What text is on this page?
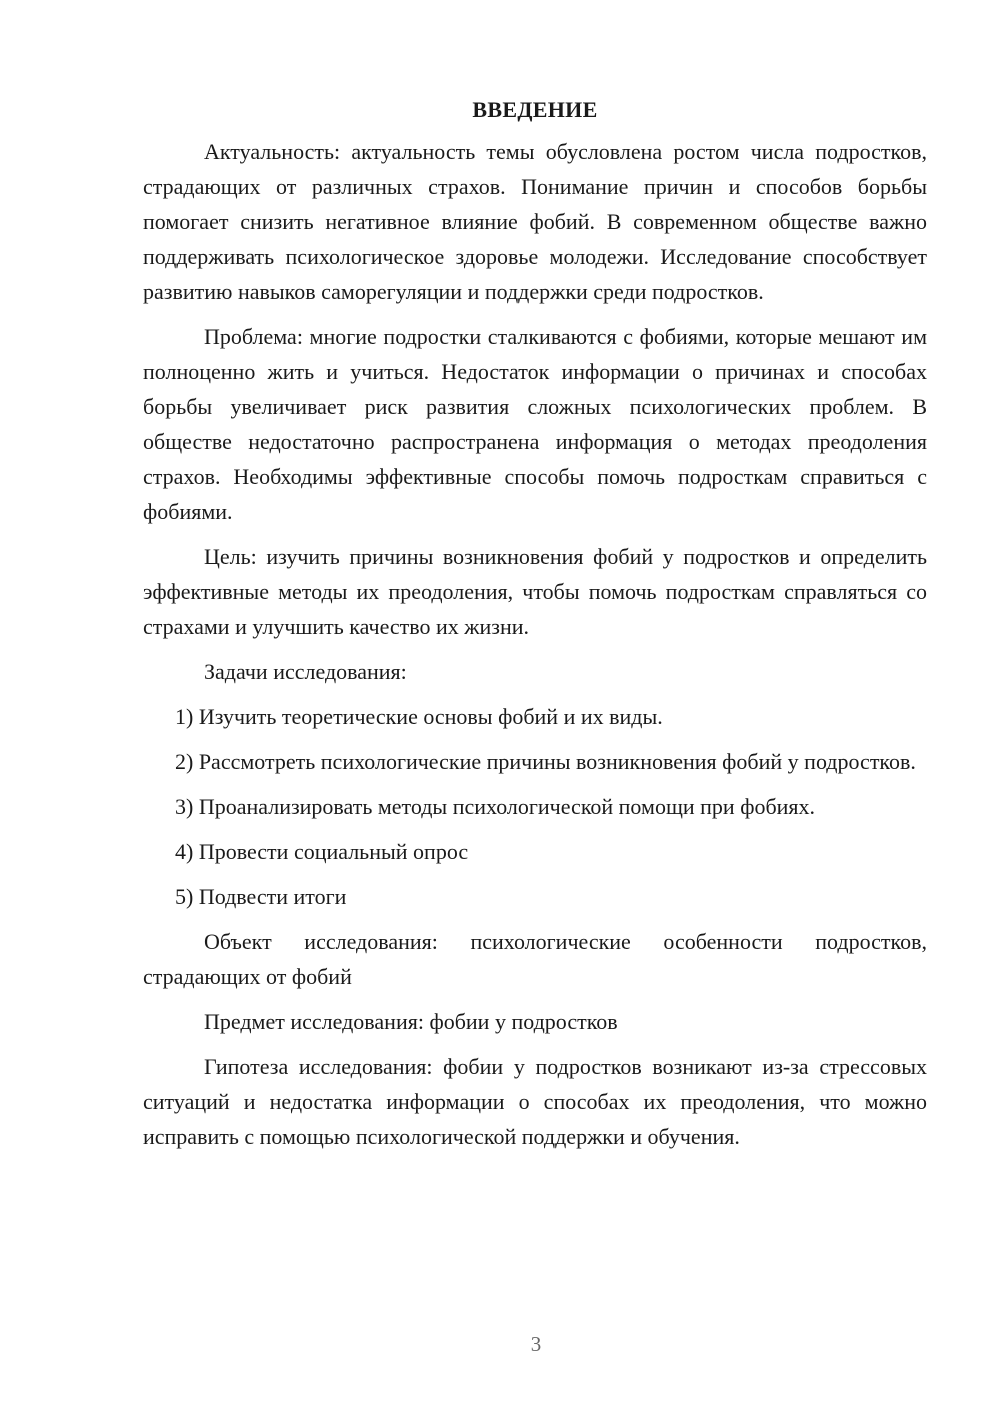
ВВЕДЕНИЕ

Актуальность: актуальность темы обусловлена ростом числа подростков, страдающих от различных страхов. Понимание причин и способов борьбы помогает снизить негативное влияние фобий. В современном обществе важно поддерживать психологическое здоровье молодежи. Исследование способствует развитию навыков саморегуляции и поддержки среди подростков.

Проблема: многие подростки сталкиваются с фобиями, которые мешают им полноценно жить и учиться. Недостаток информации о причинах и способах борьбы увеличивает риск развития сложных психологических проблем. В обществе недостаточно распространена информация о методах преодоления страхов. Необходимы эффективные способы помочь подросткам справиться с фобиями.

Цель: изучить причины возникновения фобий у подростков и определить эффективные методы их преодоления, чтобы помочь подросткам справляться со страхами и улучшить качество их жизни.

Задачи исследования:

1) Изучить теоретические основы фобий и их виды.

2) Рассмотреть психологические причины возникновения фобий у подростков.

3) Проанализировать методы психологической помощи при фобиях.

4) Провести социальный опрос

5) Подвести итоги

Объект исследования: психологические особенности подростков, страдающих от фобий

Предмет исследования: фобии у подростков

Гипотеза исследования: фобии у подростков возникают из-за стрессовых ситуаций и недостатка информации о способах их преодоления, что можно исправить с помощью психологической поддержки и обучения.

3
